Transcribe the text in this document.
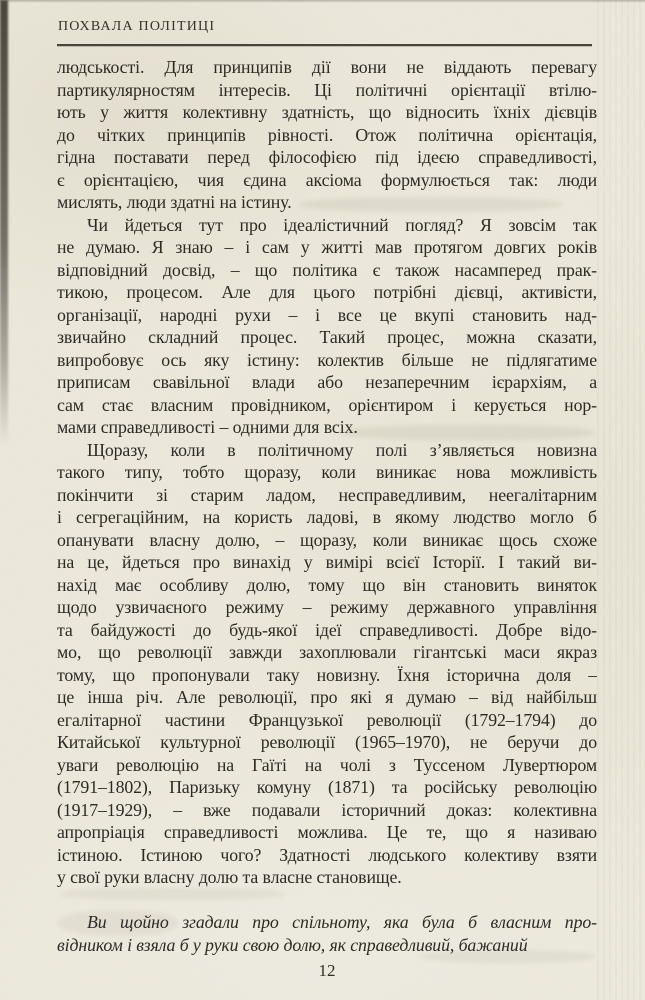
ПОХВАЛА ПОЛІТИЦІ
людськості. Для принципів дії вони не віддають перевагу
партикулярностям інтересів. Ці політичні орієнтації втілю-
ють у життя колективну здатність, що відносить їхніх дієвців
до чітких принципів рівності. Отож політична орієнтація,
гідна поставати перед філософією під ідеєю справедливості,
є орієнтацією, чия єдина аксіома формулюється так: люди
мислять, люди здатні на істину.
Чи йдеться тут про ідеалістичний погляд? Я зовсім так
не думаю. Я знаю – і сам у житті мав протягом довгих років
відповідний досвід, – що політика є також насамперед прак-
тикою, процесом. Але для цього потрібні дієвці, активісти,
організації, народні рухи – і все це вкупі становить над-
звичайно складний процес. Такий процес, можна сказати,
випробовує ось яку істину: колектив більше не підлягатиме
приписам свавільної влади або незаперечним ієрархіям, а
сам стає власним провідником, орієнтиром і керується нор-
мами справедливості – одними для всіх.
Щоразу, коли в політичному полі з’являється новизна
такого типу, тобто щоразу, коли виникає нова можливість
покінчити зі старим ладом, несправедливим, неегалітарним
і сегрегаційним, на користь ладові, в якому людство могло б
опанувати власну долю, – щоразу, коли виникає щось схоже
на це, йдеться про винахід у вимірі всієї Історії. І такий ви-
нахід має особливу долю, тому що він становить виняток
щодо узвичаєного режиму – режиму державного управління
та байдужості до будь-якої ідеї справедливості. Добре відо-
мо, що революції завжди захоплювали гігантські маси якраз
тому, що пропонували таку новизну. Їхня історична доля –
це інша річ. Але революції, про які я думаю – від найбільш
егалітарної частини Французької революції (1792–1794) до
Китайської культурної революції (1965–1970), не беручи до
уваги революцію на Гаїті на чолі з Туссеном Лувертюром
(1791–1802), Паризьку комуну (1871) та російську революцію
(1917–1929), – вже подавали історичний доказ: колективна
апропріація справедливості можлива. Це те, що я називаю
істиною. Істиною чого? Здатності людського колективу взяти
у свої руки власну долю та власне становище.
Ви щойно згадали про спільноту, яка була б власним про-
відником і взяла б у руки свою долю, як справедливий, бажаний
12
